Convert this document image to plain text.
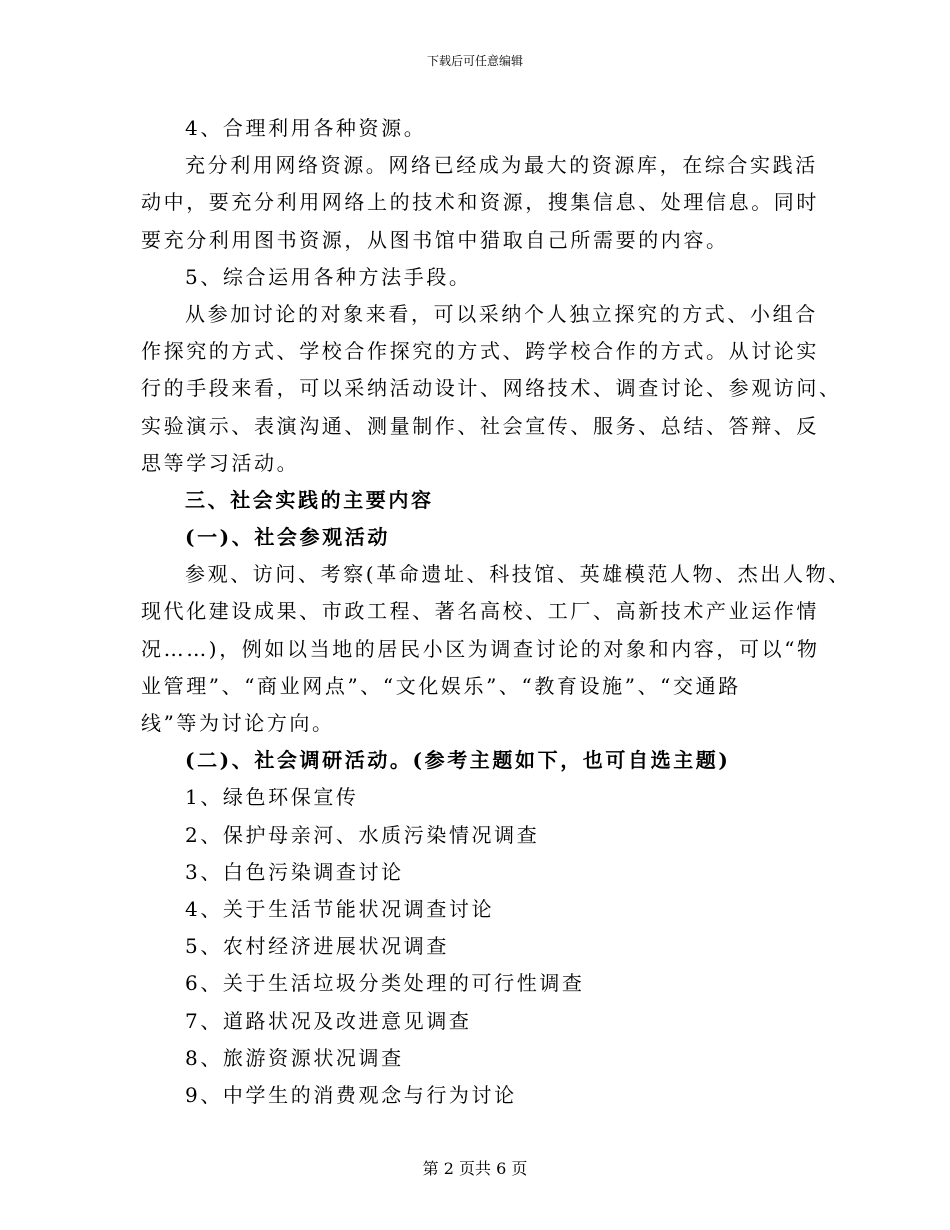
下载后可任意编辑
4、合理利用各种资源。
充分利用网络资源。网络已经成为最大的资源库，在综合实践活
动中，要充分利用网络上的技术和资源，搜集信息、处理信息。同时
要充分利用图书资源，从图书馆中猎取自己所需要的内容。
5、综合运用各种方法手段。
从参加讨论的对象来看，可以采纳个人独立探究的方式、小组合
作探究的方式、学校合作探究的方式、跨学校合作的方式。从讨论实
行的手段来看，可以采纳活动设计、网络技术、调查讨论、参观访问、
实验演示、表演沟通、测量制作、社会宣传、服务、总结、答辩、反
思等学习活动。
三、社会实践的主要内容
(一)、社会参观活动
参观、访问、考察(革命遗址、科技馆、英雄模范人物、杰出人物、
现代化建设成果、市政工程、著名高校、工厂、高新技术产业运作情
况……)，例如以当地的居民小区为调查讨论的对象和内容，可以“物
业管理”、“商业网点”、“文化娱乐”、“教育设施”、“交通路
线”等为讨论方向。
(二)、社会调研活动。(参考主题如下，也可自选主题)
1、绿色环保宣传
2、保护母亲河、水质污染情况调查
3、白色污染调查讨论
4、关于生活节能状况调查讨论
5、农村经济进展状况调查
6、关于生活垃圾分类处理的可行性调查
7、道路状况及改进意见调查
8、旅游资源状况调查
9、中学生的消费观念与行为讨论
第 2 页共 6 页
